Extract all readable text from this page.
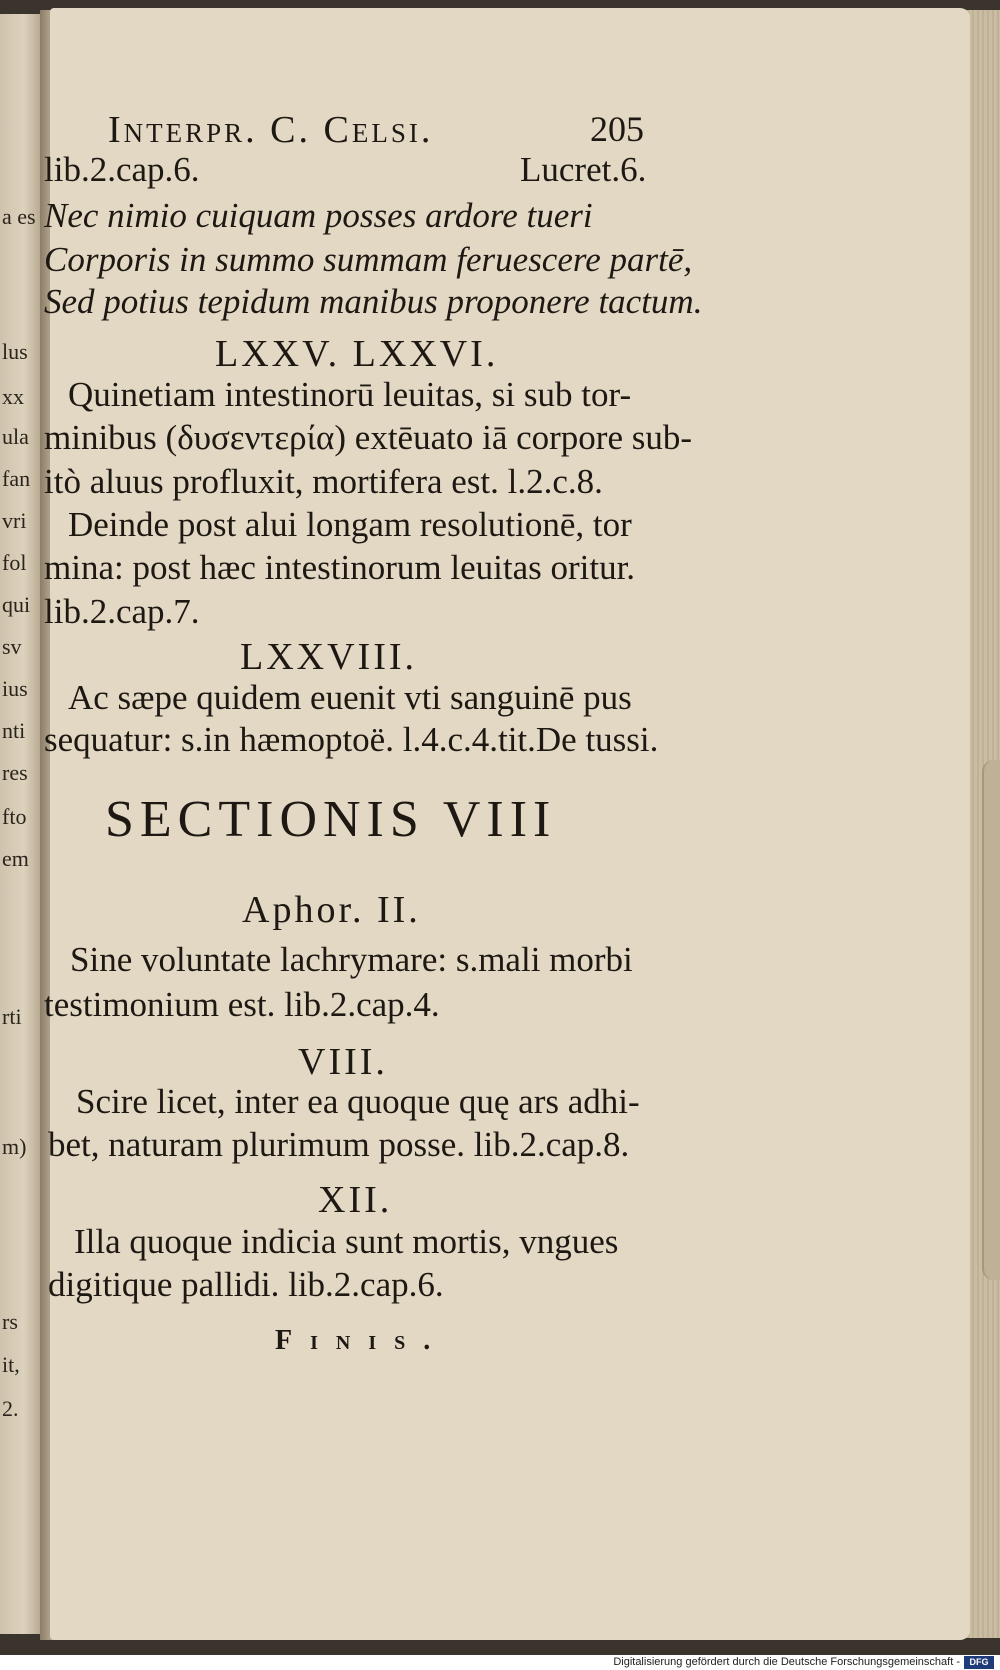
a es
lus
xx
ula
fan
vri
fol
qui
sv
ius
nti
res
fto
em
rti
m)
rs
it,
2.
Interpr. C. Celsi.	205
lib.2.cap.6.	Lucret.6.
Nec nimio cuiquam posses ardore tueri
Corporis in summo summam feruescere partē,
Sed potius tepidum manibus proponere tactum.
LXXV. LXXVI.
Quinetiam intestinorū leuitas, si sub tor-
minibus (δυσεντερία) extēuato iā corpore sub-
itò aluus profluxit, mortifera est. l.2.c.8.
Deinde post alui longam resolutionē, tor
mina: post hæc intestinorum leuitas oritur.
lib.2.cap.7.
LXXVIII.
Ac sæpe quidem euenit vti sanguinē pus
sequatur: s.in hæmoptoë. l.4.c.4.tit.De tussi.
SECTIONIS VIII
Aphor. II.
Sine voluntate lachrymare: s.mali morbi
testimonium est. lib.2.cap.4.
VIII.
Scire licet, inter ea quoque quę ars adhi-
bet, naturam plurimum posse. lib.2.cap.8.
XII.
Illa quoque indicia sunt mortis, vngues
digitique pallidi. lib.2.cap.6.
Finis.
Digitalisierung gefördert durch die Deutsche Forschungsgemeinschaft -	DFG
